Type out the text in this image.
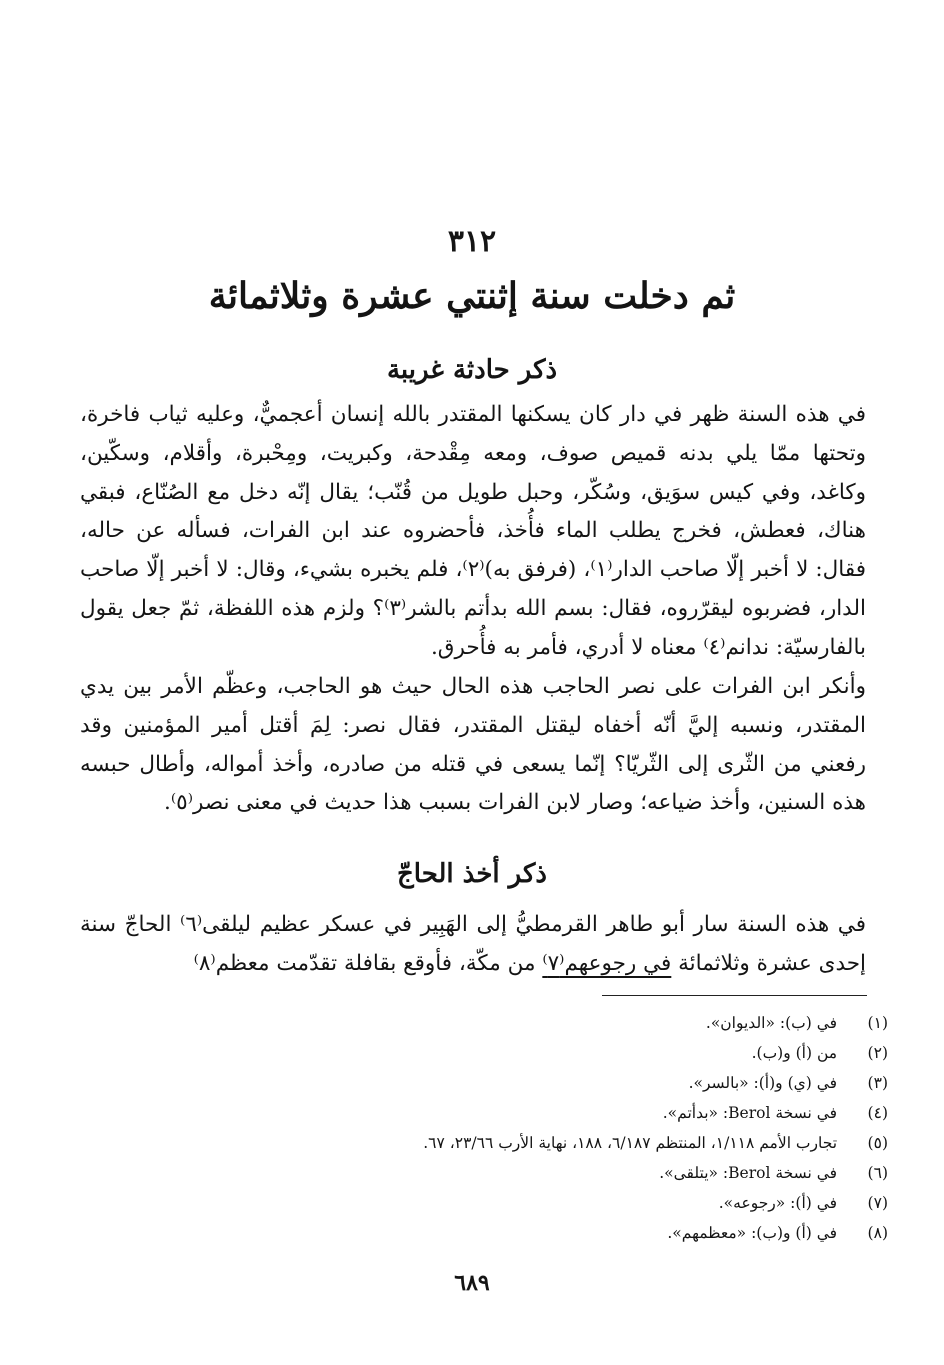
٣١٢
ثم دخلت سنة إثنتي عشرة وثلاثمائة
ذكر حادثة غريبة
في هذه السنة ظهر في دار كان يسكنها المقتدر بالله إنسان أعجميٌّ، وعليه ثياب فاخرة، وتحتها ممّا يلي بدنه قميص صوف، ومعه مِقْدحة، وكبريت، ومِحْبرة، وأقلام، وسكّين، وكاغد، وفي كيس سوَيق، وسُكّر، وحبل طويل من قُنّب؛ يقال إنّه دخل مع الصُنّاع، فبقي هناك، فعطش، فخرج يطلب الماء فأُخذ، فأحضروه عند ابن الفرات، فسأله عن حاله، فقال: لا أخبر إلّا صاحب الدار⁽١⁾، (فرفق به)⁽٢⁾، فلم يخبره بشيء، وقال: لا أخبر إلّا صاحب الدار، فضربوه ليقرّروه، فقال: بسم الله بدأتم بالشر⁽٣⁾؟ ولزم هذه اللفظة، ثمّ جعل يقول بالفارسيّة: ندانم⁽٤⁾ معناه لا أدري، فأمر به فأُحرق.
وأنكر ابن الفرات على نصر الحاجب هذه الحال حيث هو الحاجب، وعظّم الأمر بين يدي المقتدر، ونسبه إليَّ أنّه أخفاه ليقتل المقتدر، فقال نصر: لِمَ أقتل أمير المؤمنين وقد رفعني من الثّرى إلى الثّريّا؟ إنّما يسعى في قتله من صادره، وأخذ أمواله، وأطال حبسه هذه السنين، وأخذ ضياعه؛ وصار لابن الفرات بسبب هذا حديث في معنى نصر⁽٥⁾.
ذكر أخذ الحاجّ
في هذه السنة سار أبو طاهر القرمطيُّ إلى الهَبِير في عسكر عظيم ليلقى⁽٦⁾ الحاجّ سنة إحدى عشرة وثلاثمائة في رجوعهم⁽٧⁾ من مكّة، فأوقع بقافلة تقدّمت معظم⁽٨⁾
(١) في (ب): «الديوان».
(٢) من (أ) و(ب).
(٣) في (ي) و(أ): «بالسر».
(٤) في نسخة Berol: «بدأتم».
(٥) تجارب الأمم ١/١١٨، المنتظم ٦/١٨٧، ١٨٨، نهاية الأرب ٢٣/٦٦، ٦٧.
(٦) في نسخة Berol: «يتلقى».
(٧) في (أ): «رجوعه».
(٨) في (أ) و(ب): «معظمهم».
٦٨٩
